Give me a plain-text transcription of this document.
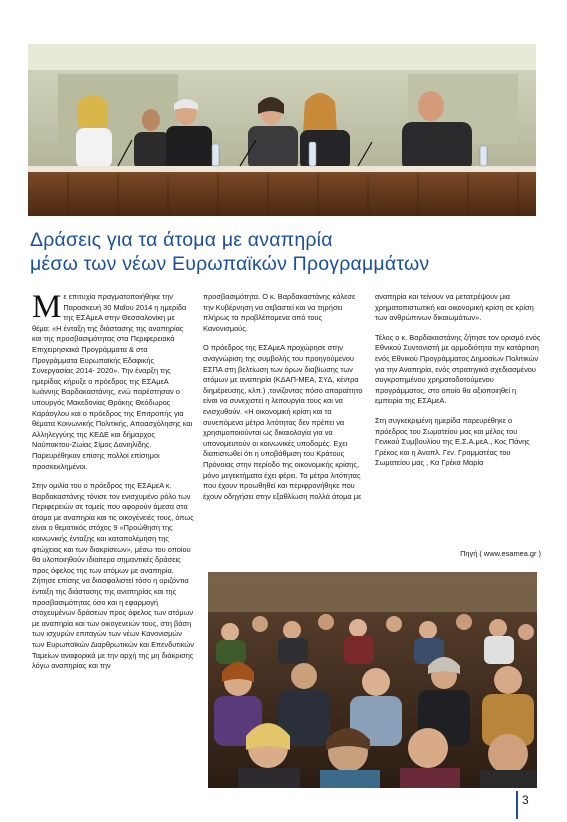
Δράσεις για τα άτομα με αναπηρία
μέσω των νέων Ευρωπαϊκών Προγραμμάτων

Με επιτυχία πραγματοποιήθηκε την Παρασκευή 30 Μαΐου 2014 η ημερίδα της ΕΣΑμεΑ στην Θεσσαλονίκη με θέμα: «Η ένταξη της διάστασης της αναπηρίας και της προσβασιμότητας στα Περιφερειακά Επιχειρησιακά Προγράμματα & στα Προγράμματα Ευρωπαϊκής Εδαφικής Συνεργασίας 2014- 2020». Την έναρξη της ημερίδας κήρυξε ο πρόεδρος της ΕΣΑμεΑ Ιωάννης Βαρδακαστάνης, ενώ παρέστησαν ο υπουργός Μακεδονίας Θράκης Θεόδωρος Καράογλου και ο πρόεδρος της Επιτροπής για θέματα Κοινωνικής Πολιτικής, Αποασχόλησης και Αλληλεγγύης της ΚΕΔΕ και δήμαρχος Ναύπακτου-Ζωίας Σίμος Δανιηλίδης. Παρευρέθηκαν επίσης πολλοί επίσημοι προσκεκλημένοι.

Στην ομιλία του ο πρόεδρος της ΕΣΑμεΑ κ. Βαρδακαστάνης τόνισε τον ενισχυμένο ρόλο των Περιφερειών σε τομείς που αφορούν άμεσα στα άτομα με αναπηρία και τις οικογένειές τους, όπως είναι ο θεματικός στόχος 9 «Προώθηση της κοινωνικής ένταξης και καταπολέμηση της φτώχειας και των διακρίσεων», μέσω του οποίου θα υλοποιηθούν ιδιαίτερα σημαντικές δράσεις προς όφελος της των ατόμων με αναπηρία. Ζήτησε επίσης να διασφαλιστεί τόσο η οριζόντια ένταξη της διάστασης της αναπηρίας και της προσβασιμότητας όσο και η εφαρμογή στοχευμένων δράσεων προς όφελος των ατόμων με αναπηρία και των οικογενειών τους, στη βάση των ισχυρών επιταγών των νέων Κανονισμών των Ευρωπαϊκών Διαρθρωτικών και Επενδυτικών Ταμείων αναφορικά με την αρχή της μη διάκρισης λόγω αναπηρίας και την

προσβασιμότητα. Ο κ. Βαρδακαστάνης κάλεσε την Κυβέρνηση να σεβαστεί και να τηρήσει πλήρως τα προβλέπομενα από τους Κανονισμούς.

Ο πρόεδρος της ΕΣΑμεΑ προχώρησε στην αναγνώριση της συμβολής του προηγούμενου ΕΣΠΑ στη βελτίωση των όρων διαβίωσης των ατόμων με αναπηρία (ΚΔΑΠ-ΜΕΑ, ΣΥΔ, κέντρα διημέρευσης, κλπ.) ,τονίζοντας πόσο απαραίτητο είναι να συνεχιστεί η λειτουργία τους και να ενισχυθούν. «Η οικονομική κρίση και τα συνεπόμενα μέτρα λιτότητας δεν πρέπει να χρησιμοποιούνται ως δικαιολογία για να υπονομευτούν οι κοινωνικές υποδομές. Εχει διαπιστωθεί ότι η υποβάθμιση του Κράτους Πρόνοιας στην περίοδο της οικονομικής κρίσης, μόνο μεγεκτήματα έχει φέρει. Τα μέτρα λιτότητας που έχουν προωθηθεί και περιφρονήθηκε που έχουν οδηγήσει στην εξαθλίωση πολλά άτομα με

αναπηρία και τείνουν να μετατρέψουν μια χρηματοπιστωτική και οικονομική κρίση σε κρίση των ανθρώπινων δικαιωμάτων».

Τέλος ο κ. Βαρδακαστάνης ζήτησε τον ορισμό ενός Εθνικού Συντονιστή με αρμοδιότητα την κατάρτιση ενός Εθνικού Προγράμματος Δημοσίων Πολιτικών για την Αναπηρία, ενός στρατηγικά σχεδιασμένου συγκροτημένου χρηματοδοτούμενου προγράμματος, στο οποίο θα αξιοποιηθεί η εμπειρία της ΕΣΑμεΑ.

Στη συγκεκριμένη ημερίδα παρευρέθηκε ο πρόεδρος του Σωματείου μας και μέλος του Γενικού Συμβουλίου της Ε.Σ.Α.μεΑ., Κος Πάνης Γρέκος και η Αναπλ. Γεν. Γραμματέας του Σωματείου μας , Κα Γρέκα Μαρία

Πηγή ( www.esamea.gr )
3
